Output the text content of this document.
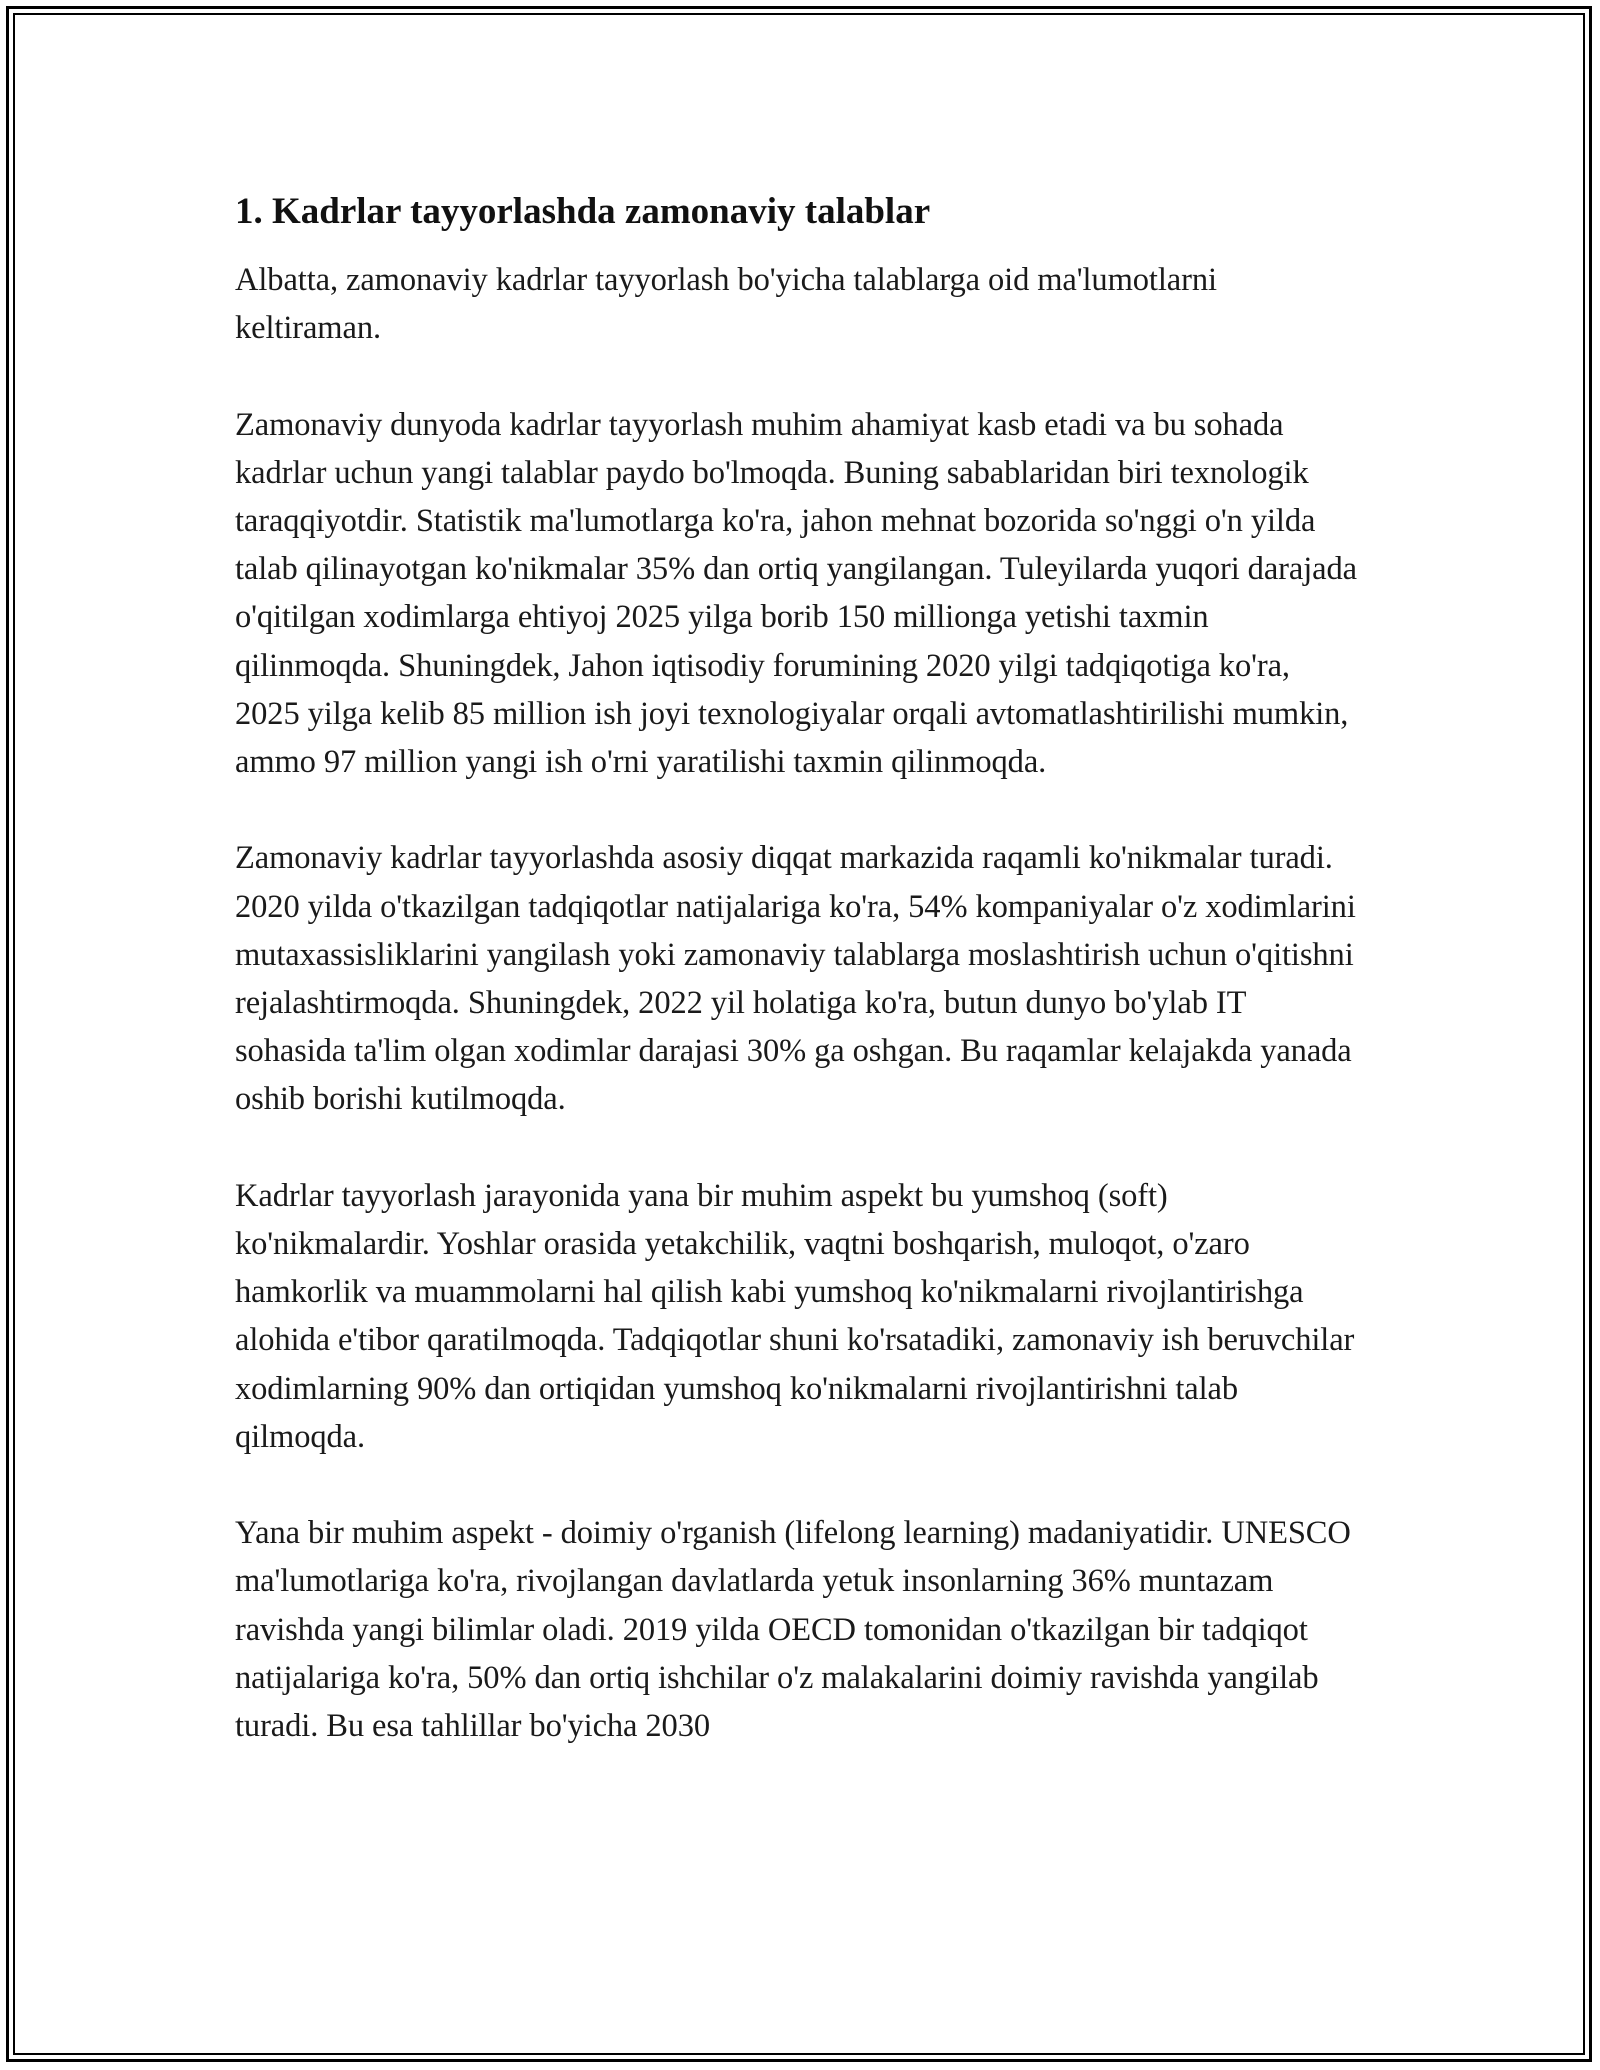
1. Kadrlar tayyorlashda zamonaviy talablar

Albatta, zamonaviy kadrlar tayyorlash bo'yicha talablarga oid ma'lumotlarni keltiraman.

Zamonaviy dunyoda kadrlar tayyorlash muhim ahamiyat kasb etadi va bu sohada kadrlar uchun yangi talablar paydo bo'lmoqda. Buning sabablaridan biri texnologik taraqqiyotdir. Statistik ma'lumotlarga ko'ra, jahon mehnat bozorida so'nggi o'n yilda talab qilinayotgan ko'nikmalar 35% dan ortiq yangilangan. Tuleyilarda yuqori darajada o'qitilgan xodimlarga ehtiyoj 2025 yilga borib 150 millionga yetishi taxmin qilinmoqda. Shuningdek, Jahon iqtisodiy forumining 2020 yilgi tadqiqotiga ko'ra, 2025 yilga kelib 85 million ish joyi texnologiyalar orqali avtomatlashtirilishi mumkin, ammo 97 million yangi ish o'rni yaratilishi taxmin qilinmoqda.

Zamonaviy kadrlar tayyorlashda asosiy diqqat markazida raqamli ko'nikmalar turadi. 2020 yilda o'tkazilgan tadqiqotlar natijalariga ko'ra, 54% kompaniyalar o'z xodimlarini mutaxassisliklarini yangilash yoki zamonaviy talablarga moslashtirish uchun o'qitishni rejalashtirmoqda. Shuningdek, 2022 yil holatiga ko'ra, butun dunyo bo'ylab IT sohasida ta'lim olgan xodimlar darajasi 30% ga oshgan. Bu raqamlar kelajakda yanada oshib borishi kutilmoqda.

Kadrlar tayyorlash jarayonida yana bir muhim aspekt bu yumshoq (soft) ko'nikmalardir. Yoshlar orasida yetakchilik, vaqtni boshqarish, muloqot, o'zaro hamkorlik va muammolarni hal qilish kabi yumshoq ko'nikmalarni rivojlantirishga alohida e'tibor qaratilmoqda. Tadqiqotlar shuni ko'rsatadiki, zamonaviy ish beruvchilar xodimlarning 90% dan ortiqidan yumshoq ko'nikmalarni rivojlantirishni talab qilmoqda.

Yana bir muhim aspekt - doimiy o'rganish (lifelong learning) madaniyatidir. UNESCO ma'lumotlariga ko'ra, rivojlangan davlatlarda yetuk insonlarning 36% muntazam ravishda yangi bilimlar oladi. 2019 yilda OECD tomonidan o'tkazilgan bir tadqiqot natijalariga ko'ra, 50% dan ortiq ishchilar o'z malakalarini doimiy ravishda yangilab turadi. Bu esa tahlillar bo'yicha 2030
